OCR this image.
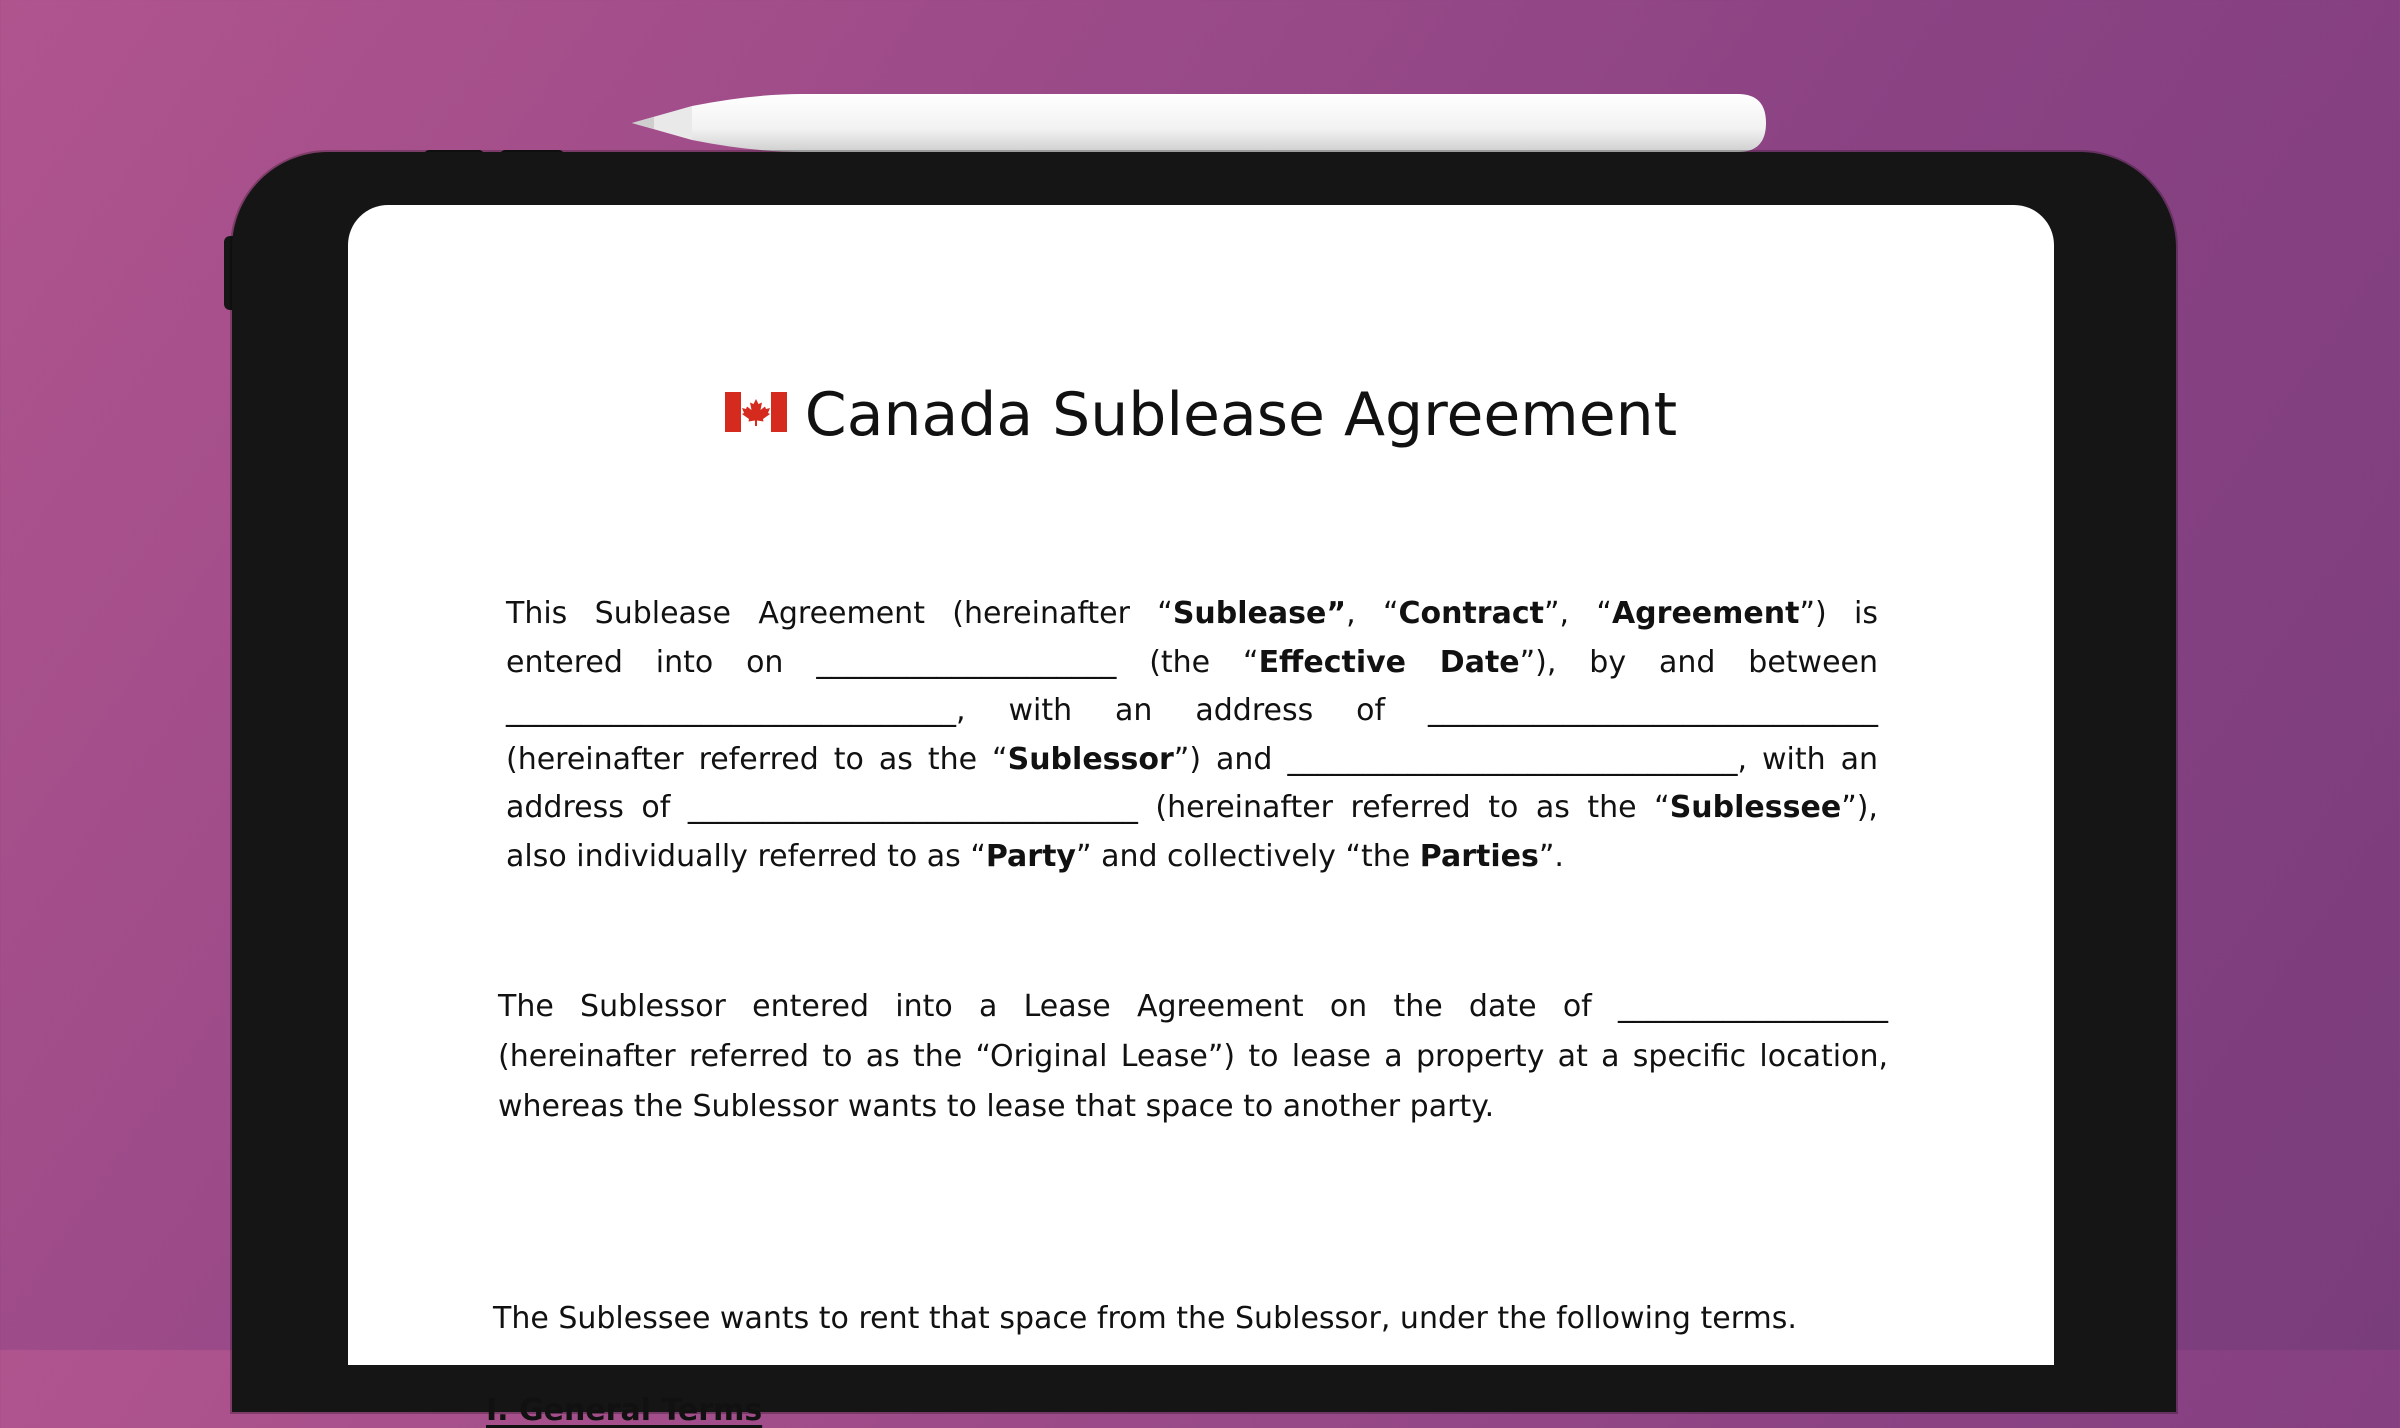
Canada Sublease Agreement

This Sublease Agreement (hereinafter “Sublease”, “Contract”, “Agreement”) is entered into on ____________________ (the “Effective Date”), by and between ______________________________, with an address of ______________________________ (hereinafter referred to as the “Sublessor”) and ______________________________, with an address of ______________________________ (hereinafter referred to as the “Sublessee”), also individually referred to as “Party” and collectively “the Parties”.

The Sublessor entered into a Lease Agreement on the date of __________________ (hereinafter referred to as the “Original Lease”) to lease a property at a specific location, whereas the Sublessor wants to lease that space to another party.

The Sublessee wants to rent that space from the Sublessor, under the following terms.

I. General Terms
